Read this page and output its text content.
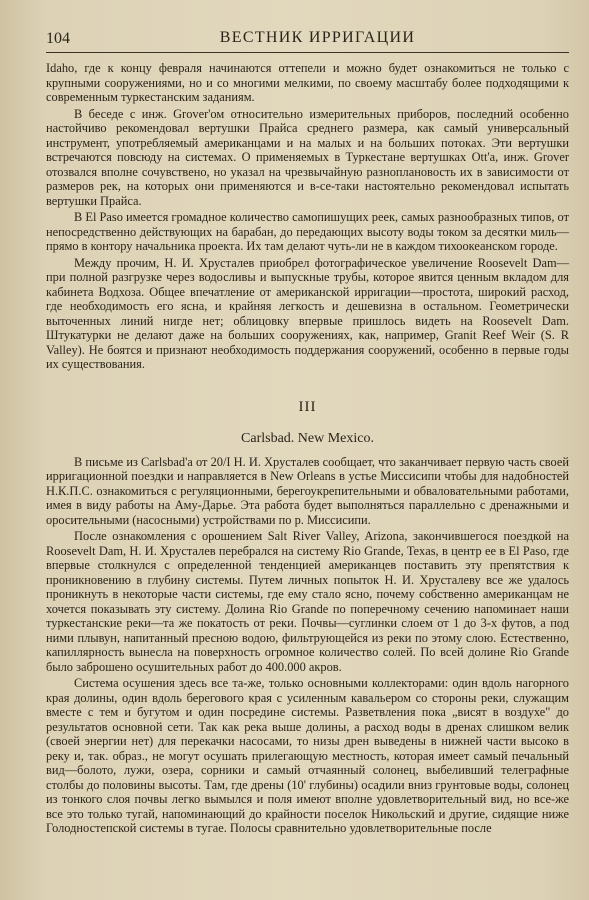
104	ВЕСТНИК ИРРИГАЦИИ

Idaho, где к концу февраля начинаются оттепели и можно будет ознакомиться не только с крупными сооружениями, но и со многими мелкими, по своему масштабу более подходящими к современным туркестанским заданиям.

В беседе с инж. Grover'ом относительно измерительных приборов, последний особенно настойчиво рекомендовал вертушки Прайса среднего размера, как самый универсальный инструмент, употребляемый американцами и на малых и на больших потоках. Эти вертушки встречаются повсюду на системах. О применяемых в Туркестане вертушках Ott'a, инж. Grover отозвался вполне сочувствено, но указал на чрезвычайную разноплановость их в зависимости от размеров рек, на которых они применяются и в-се-таки настоятельно рекомендовал испытать вертушки Прайса.

В El Paso имеется громадное количество самопишущих реек, самых разнообразных типов, от непосредственно действующих на барабан, до передающих высоту воды током за десятки миль—прямо в контору начальника проекта. Их там делают чуть-ли не в каждом тихоокеанском городе.

Между прочим, Н. И. Хрусталев приобрел фотографическое увеличение Roosevelt Dam—при полной разгрузке через водосливы и выпускные трубы, которое явится ценным вкладом для кабинета Водхоза. Общее впечатление от американской ирригации—простота, широкий расход, где необходимость его ясна, и крайняя легкость и дешевизна в остальном. Геометрически выточенных линий нигде нет; облицовку впервые пришлось видеть на Roosevelt Dam. Штукатурки не делают даже на больших сооружениях, как, например, Granit Reef Weir (S. R Valley). Не боятся и признают необходимость поддержания сооружений, особенно в первые годы их существования.

III
Carlsbad. New Mexico.

В письме из Carlsbad'a от 20/I Н. И. Хрусталев сообщает, что заканчивает первую часть своей ирригационной поездки и направляется в New Orleans в устье Миссисипи чтобы для надобностей Н.К.П.С. ознакомиться с регуляционными, берегоукрепительными и обваловательными работами, имея в виду работы на Аму-Дарье. Эта работа будет выполняться параллельно с дренажными и оросительными (насосными) устройствами по р. Миссисипи.

После ознакомления с орошением Salt River Valley, Arizona, закончившегося поездкой на Roosevelt Dam, Н. И. Хрусталев перебрался на систему Rio Grande, Texas, в центр ее в El Paso, где впервые столкнулся с определенной тенденцией американцев поставить эту препятствия к проникновению в глубину системы. Путем личных попыток Н. И. Хрусталеву все же удалось проникнуть в некоторые части системы, где ему стало ясно, почему собственно американцам не хочется показывать эту систему. Долина Rio Grande по поперечному сечению напоминает наши туркестанские реки—та же покатость от реки. Почвы—суглинки слоем от 1 до 3-х футов, а под ними плывун, напитанный пресною водою, фильтрующейся из реки по этому слою. Естественно, капиллярность вынесла на поверхность огромное количество солей. По всей долине Rio Grande было заброшено осушительных работ до 400.000 акров.

Система осушения здесь все та-же, только основными коллекторами: один вдоль нагорного края долины, один вдоль берегового края с усиленным кавальером со стороны реки, служащим вместе с тем и бугутом и один посредине системы. Разветвления пока „висят в воздухе" до результатов основной сети. Так как река выше долины, а расход воды в дренах слишком велик (своей энергии нет) для перекачки насосами, то низы дрен выведены в нижней части высоко в реку и, так. образ., не могут осушать прилегающую местность, которая имеет самый печальный вид—болото, лужи, озера, сорники и самый отчаянный солонец, выбеливший телеграфные столбы до половины высоты. Там, где дрены (10' глубины) осадили вниз грунтовые воды, солонец из тонкого слоя почвы легко вымылся и поля имеют вполне удовлетворительный вид, но все-же все это только тугай, напоминающий до крайности поселок Никольский и другие, сидящие ниже Голодностепской системы в тугае. Полосы сравнительно удовлетворительные после
